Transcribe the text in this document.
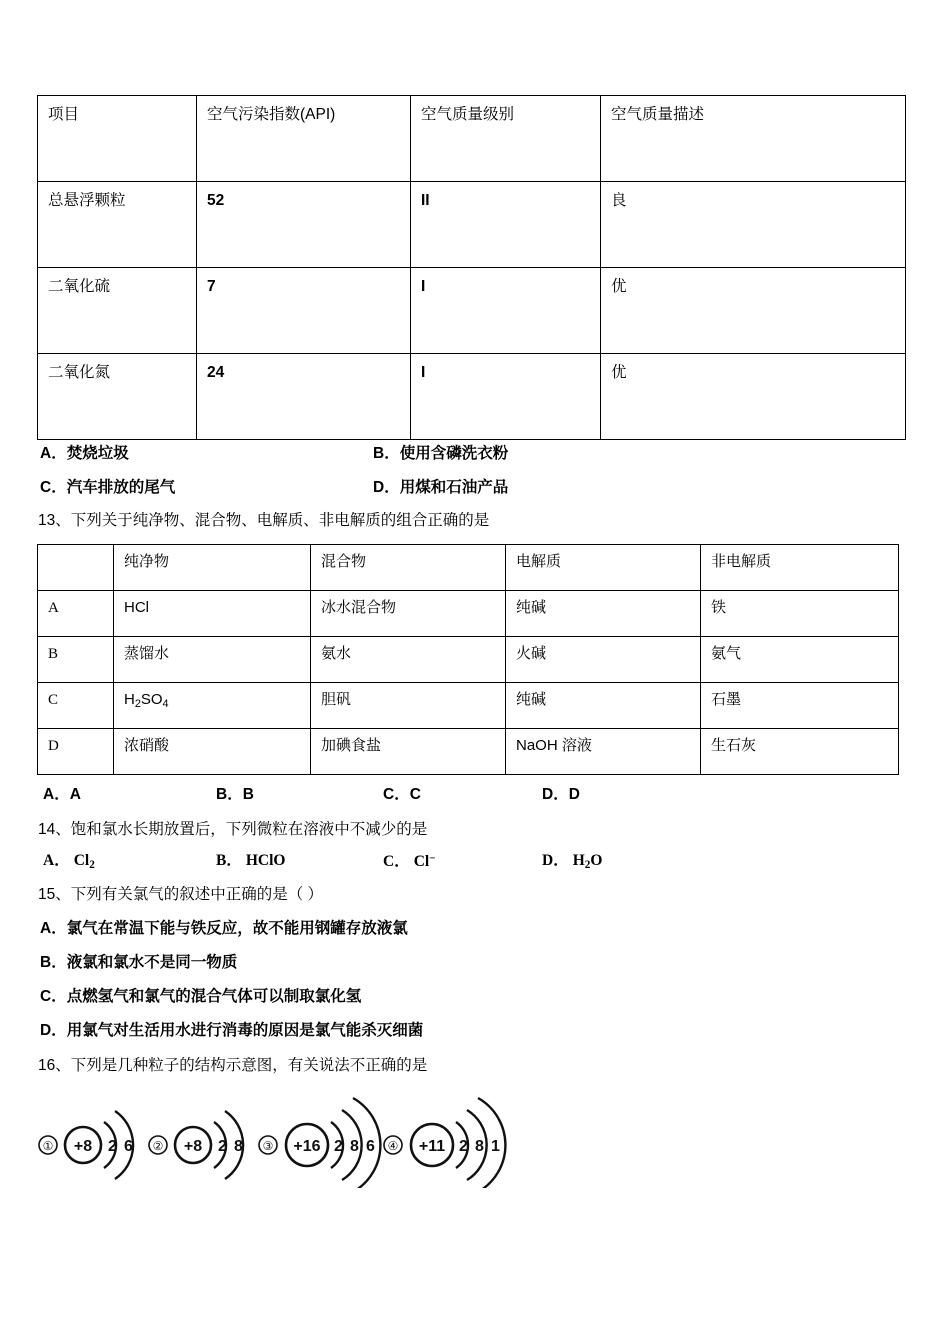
项目	空气污染指数(API)	空气质量级别	空气质量描述
总悬浮颗粒	52	II	良
二氧化硫	7	I	优
二氧化氮	24	I	优
A．焚烧垃圾	B．使用含磷洗衣粉
C．汽车排放的尾气	D．用煤和石油产品
13、下列关于纯净物、混合物、电解质、非电解质的组合正确的是
	纯净物	混合物	电解质	非电解质
A	HCl	冰水混合物	纯碱	铁
B	蒸馏水	氨水	火碱	氨气
C	$H_2SO_4$	胆矾	纯碱	石墨
D	浓硝酸	加碘食盐	NaOH 溶液	生石灰
A．A	B．B	C．C	D．D
14、饱和氯水长期放置后，下列微粒在溶液中不减少的是
A． $Cl_2$	B． HClO	C． Cl−	D． $H_2O$
15、下列有关氯气的叙述中正确的是（ ）
A．氯气在常温下能与铁反应，故不能用钢罐存放液氯
B．液氯和氯水不是同一物质
C．点燃氢气和氯气的混合气体可以制取氯化氢
D．用氯气对生活用水进行消毒的原因是氯气能杀灭细菌
16、下列是几种粒子的结构示意图，有关说法不正确的是
① +8 2 6 ② +8 2 8 ③ +16 2 8 6 ④ +11 2 8 1
